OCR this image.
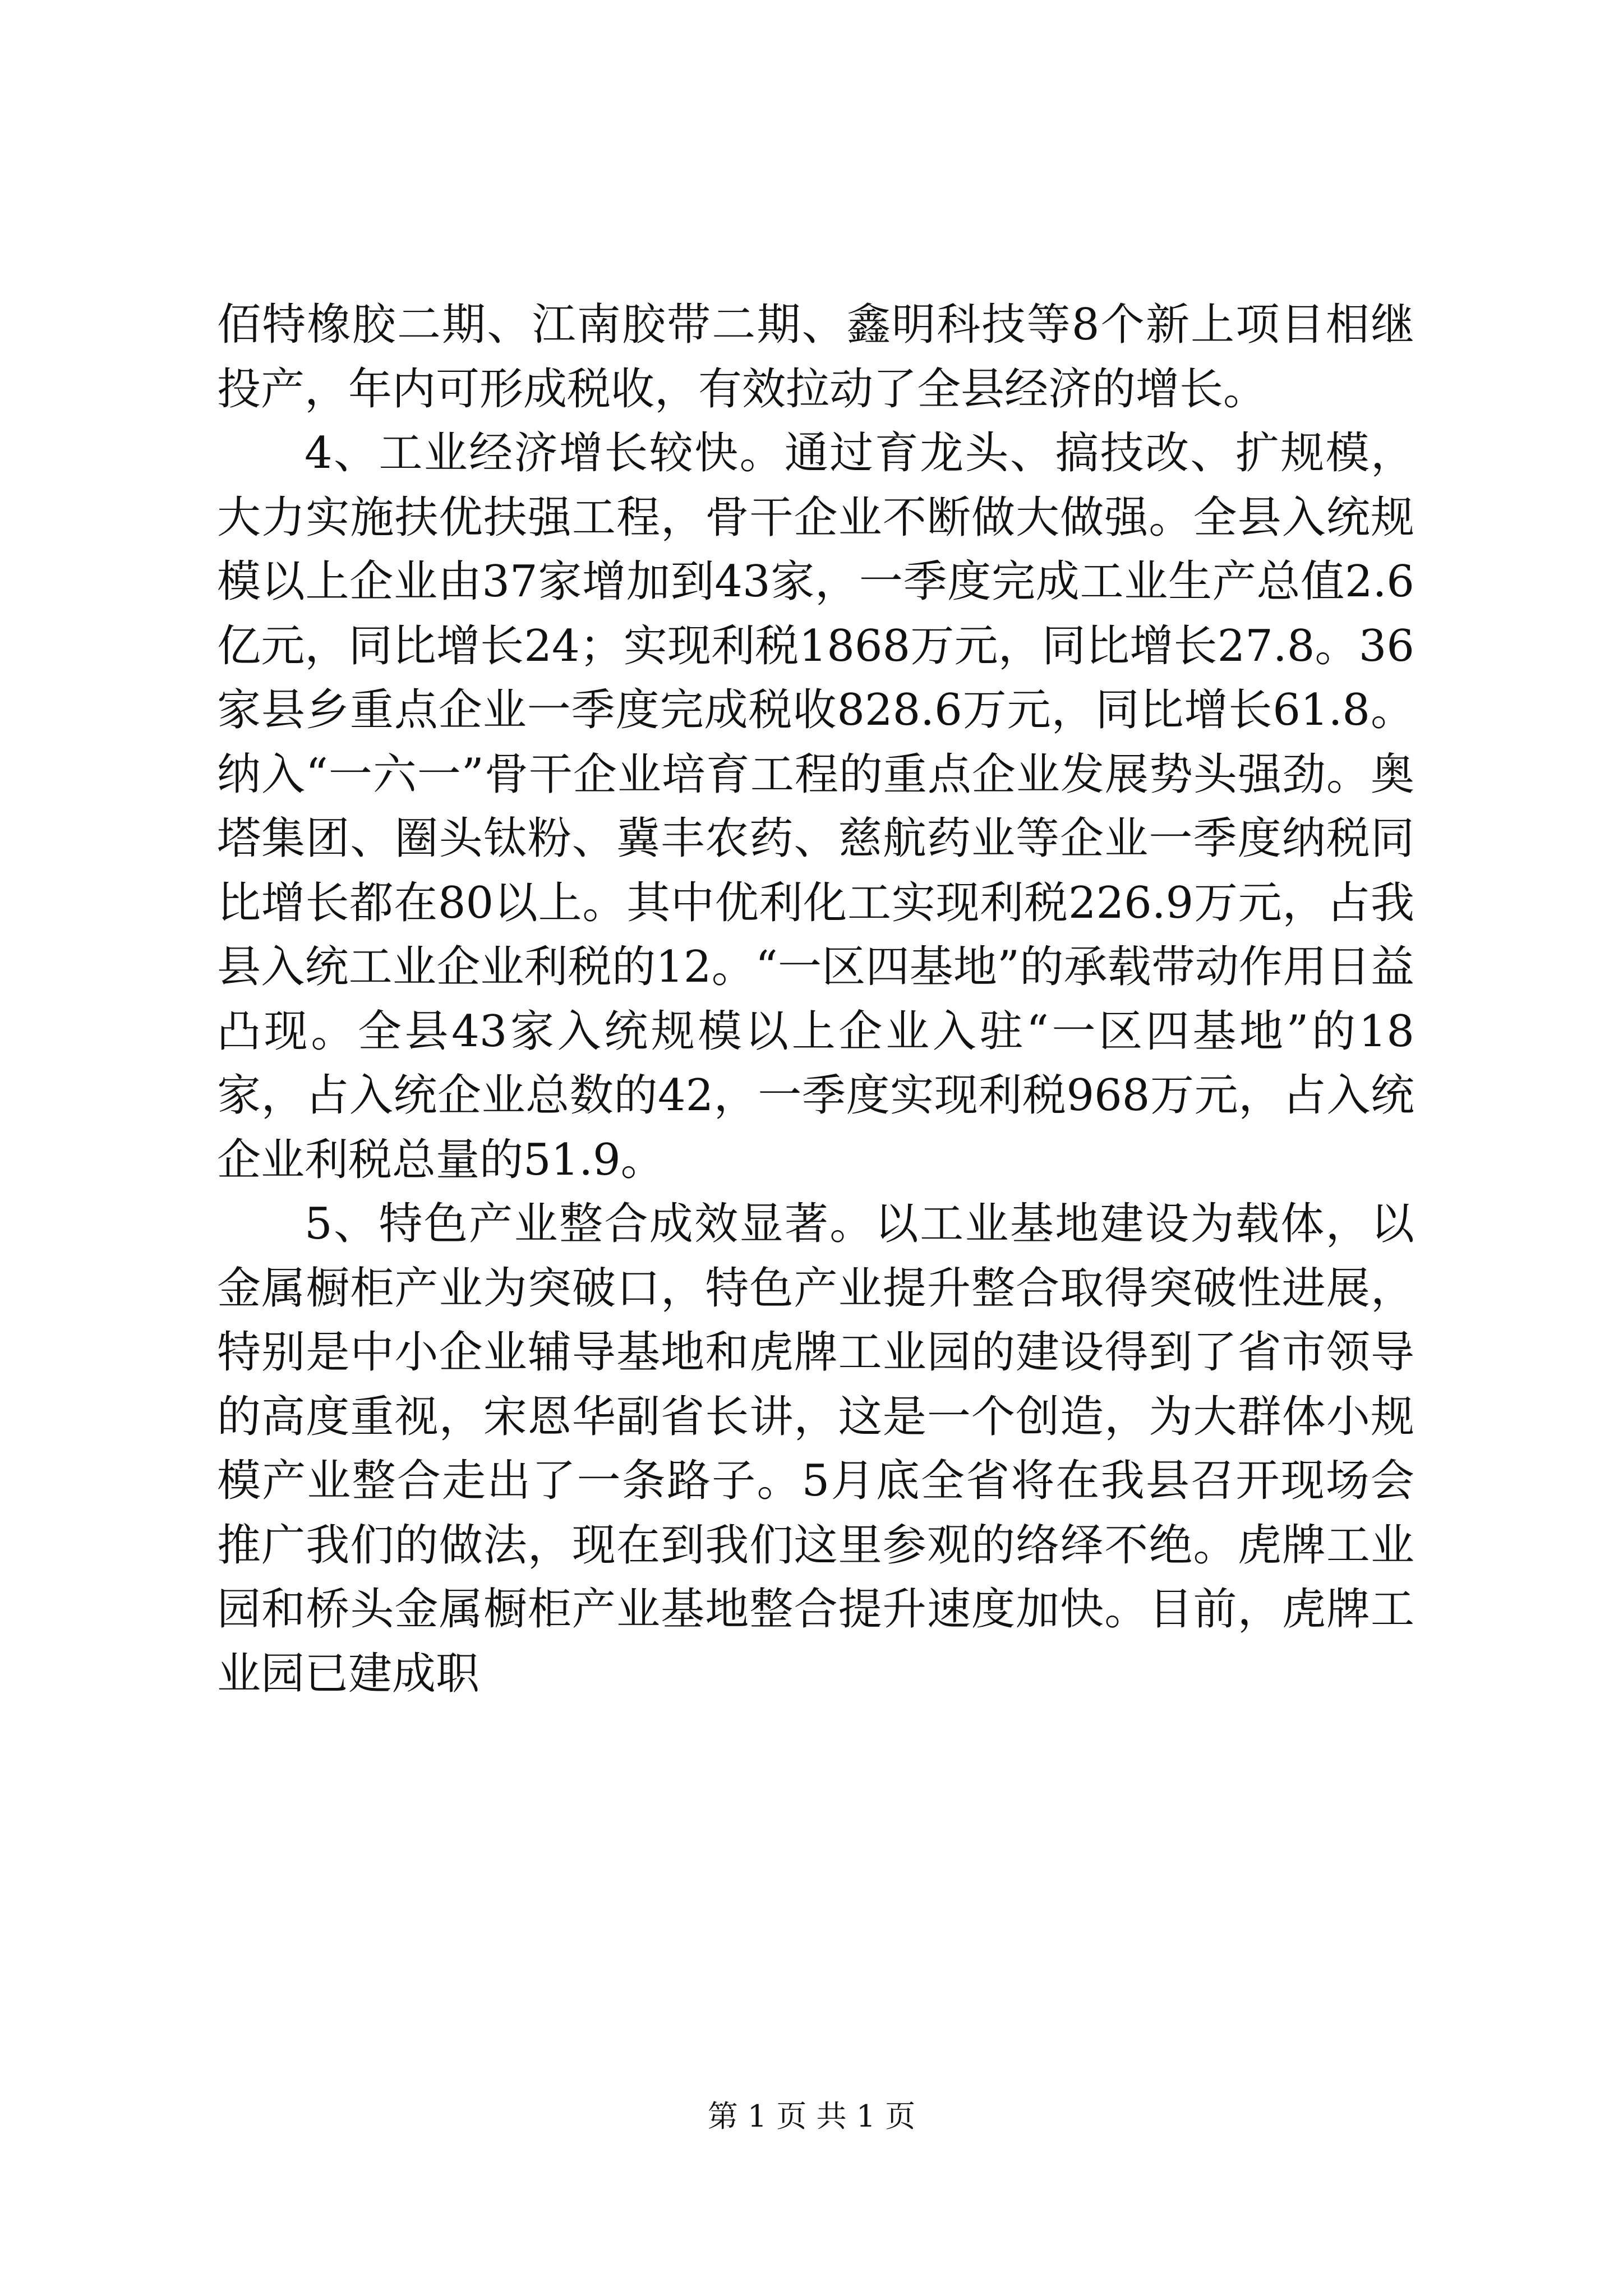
佰特橡胶二期、江南胶带二期、鑫明科技等8个新上项目相继投产，年内可形成税收，有效拉动了全县经济的增长。

4、工业经济增长较快。通过育龙头、搞技改、扩规模，大力实施扶优扶强工程，骨干企业不断做大做强。全县入统规模以上企业由37家增加到43家，一季度完成工业生产总值2.6亿元，同比增长24；实现利税1868万元，同比增长27.8。36家县乡重点企业一季度完成税收828.6万元，同比增长61.8。纳入“一六一”骨干企业培育工程的重点企业发展势头强劲。奥塔集团、圈头钛粉、冀丰农药、慈航药业等企业一季度纳税同比增长都在80以上。其中优利化工实现利税226.9万元，占我县入统工业企业利税的12。“一区四基地”的承载带动作用日益凸现。全县43家入统规模以上企业入驻“一区四基地”的18家，占入统企业总数的42，一季度实现利税968万元，占入统企业利税总量的51.9。

5、特色产业整合成效显著。以工业基地建设为载体，以金属橱柜产业为突破口，特色产业提升整合取得突破性进展，特别是中小企业辅导基地和虎牌工业园的建设得到了省市领导的高度重视，宋恩华副省长讲，这是一个创造，为大群体小规模产业整合走出了一条路子。5月底全省将在我县召开现场会推广我们的做法，现在到我们这里参观的络绎不绝。虎牌工业园和桥头金属橱柜产业基地整合提升速度加快。目前，虎牌工业园已建成职

第 1 页 共 1 页
